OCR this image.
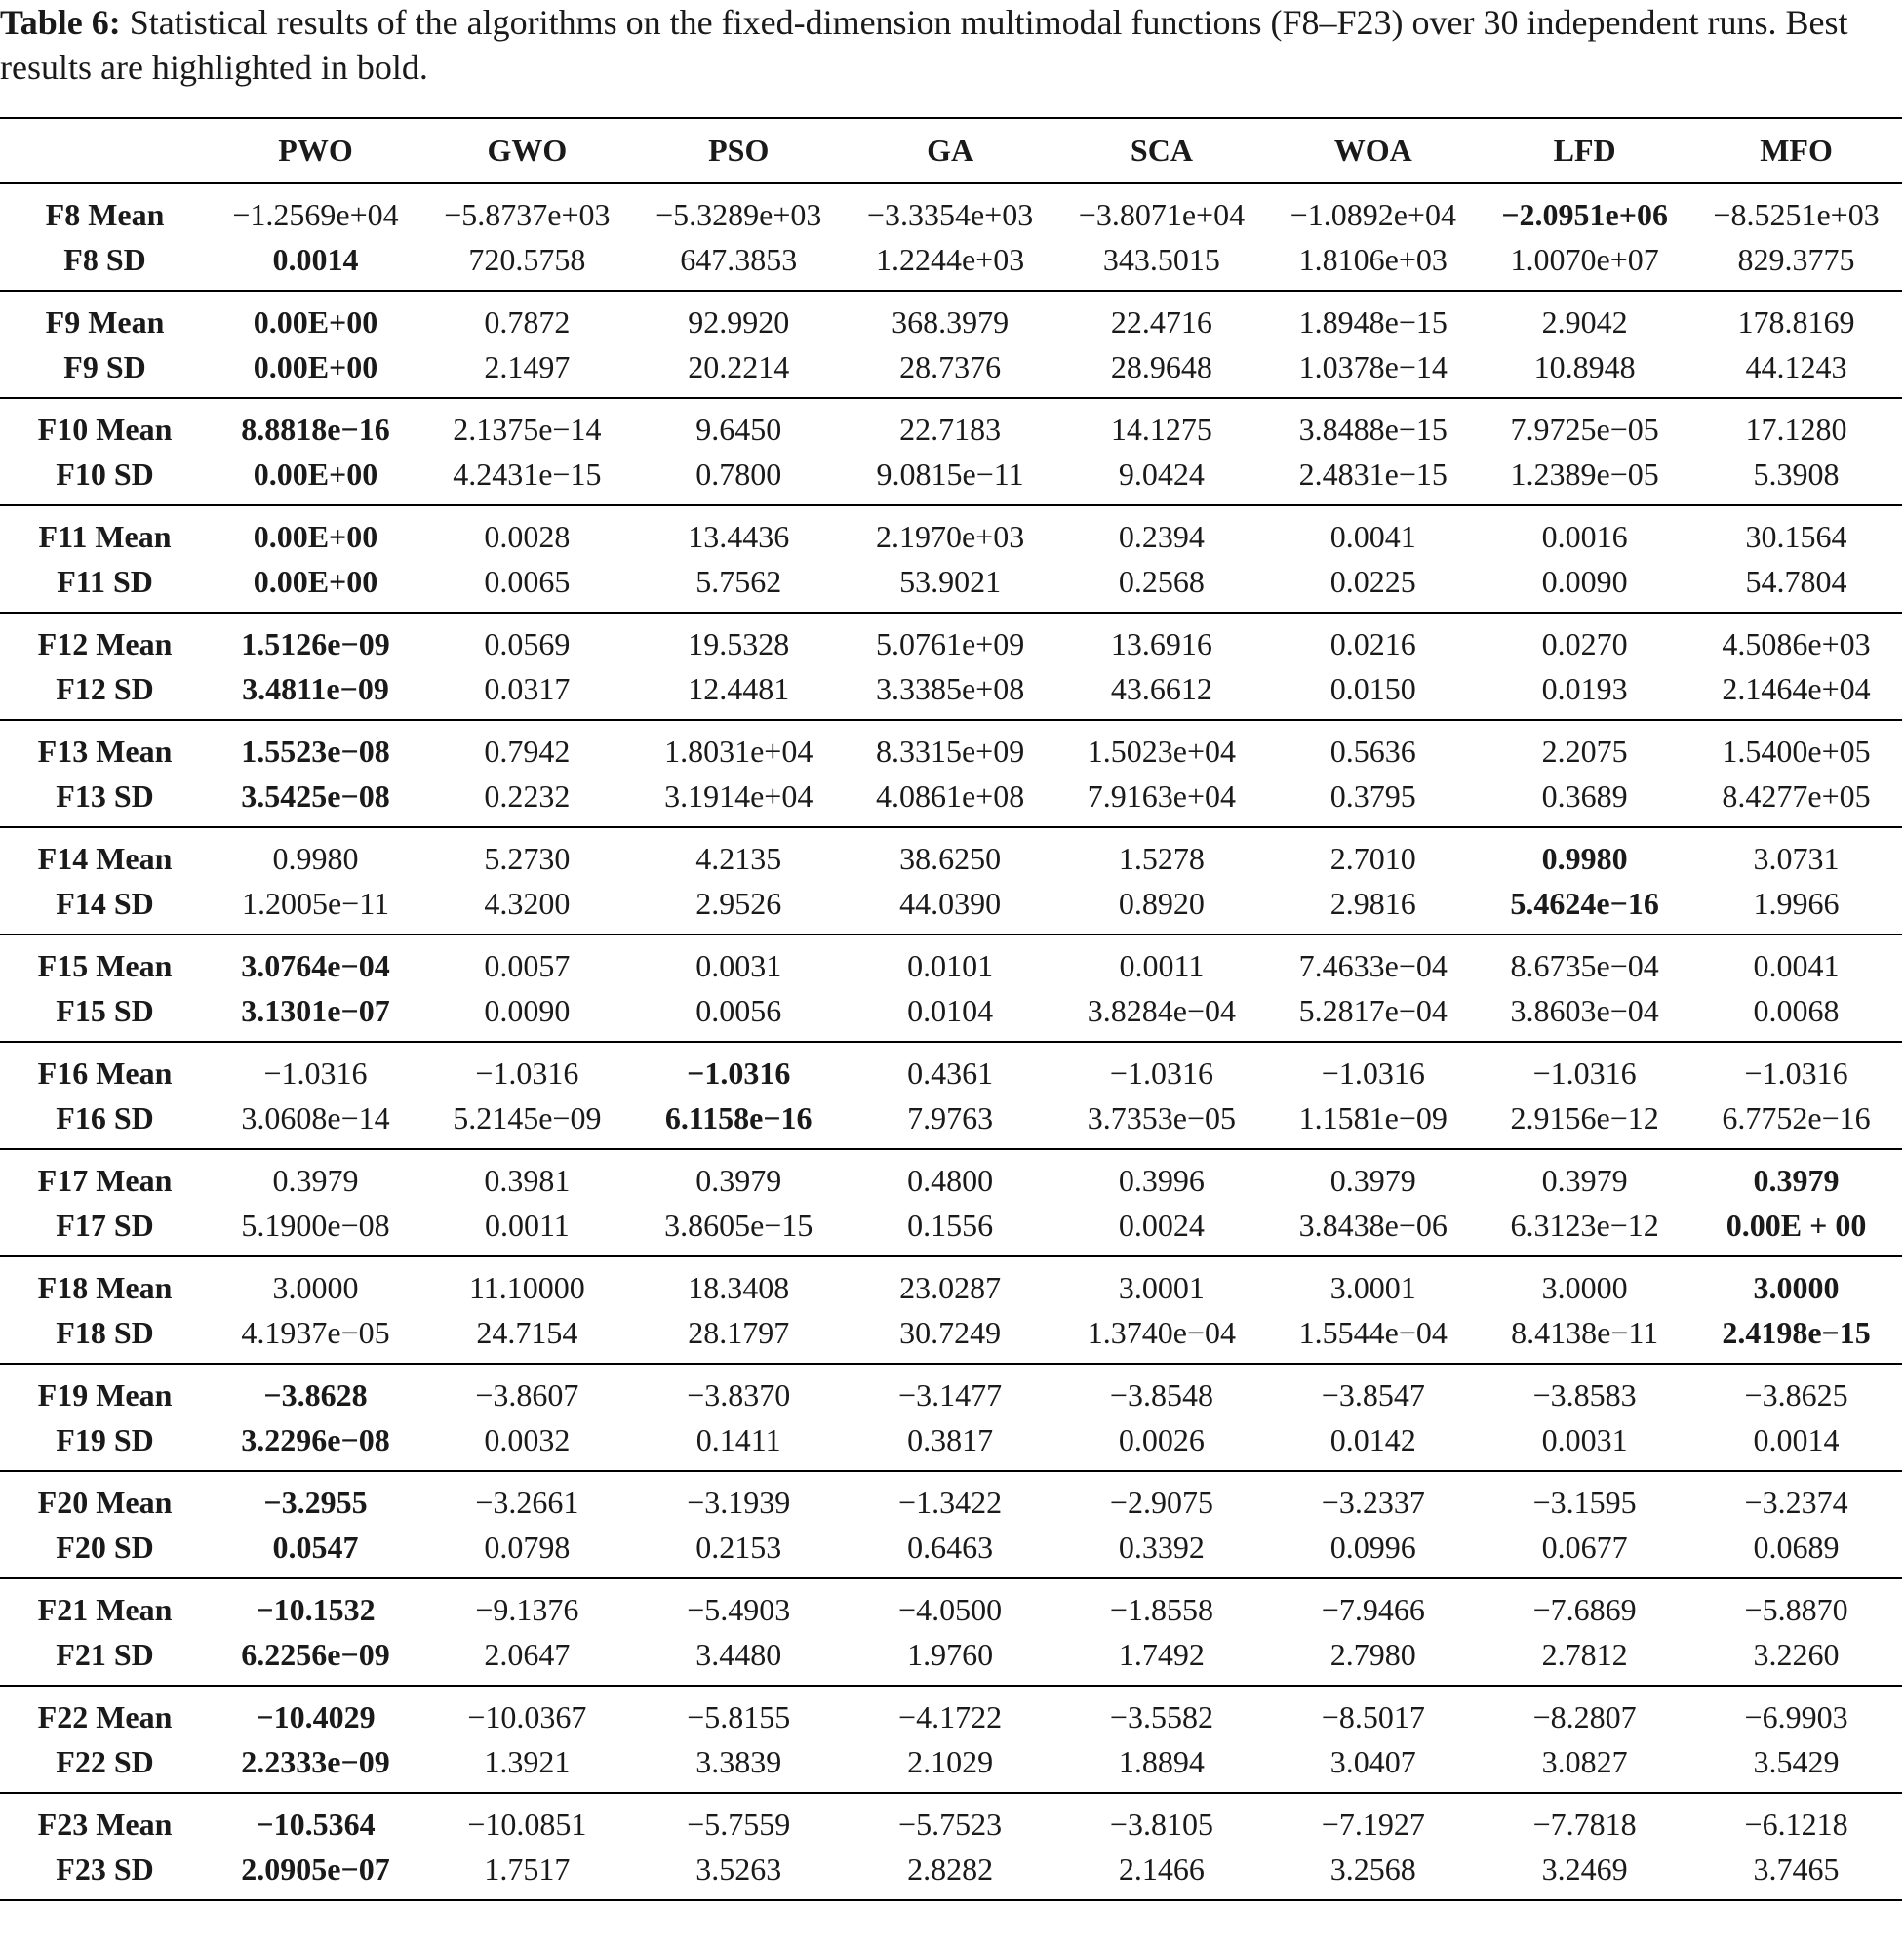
Table 6: Statistical results of the algorithms on the fixed-dimension multimodal functions (F8–F23) over 30 independent runs. Best results are highlighted in bold.

	PWO	GWO	PSO	GA	SCA	WOA	LFD	MFO
F8 Mean	−1.2569e+04	−5.8737e+03	−5.3289e+03	−3.3354e+03	−3.8071e+04	−1.0892e+04	−2.0951e+06	−8.5251e+03
F8 SD	0.0014	720.5758	647.3853	1.2244e+03	343.5015	1.8106e+03	1.0070e+07	829.3775
F9 Mean	0.00E+00	0.7872	92.9920	368.3979	22.4716	1.8948e−15	2.9042	178.8169
F9 SD	0.00E+00	2.1497	20.2214	28.7376	28.9648	1.0378e−14	10.8948	44.1243
F10 Mean	8.8818e−16	2.1375e−14	9.6450	22.7183	14.1275	3.8488e−15	7.9725e−05	17.1280
F10 SD	0.00E+00	4.2431e−15	0.7800	9.0815e−11	9.0424	2.4831e−15	1.2389e−05	5.3908
F11 Mean	0.00E+00	0.0028	13.4436	2.1970e+03	0.2394	0.0041	0.0016	30.1564
F11 SD	0.00E+00	0.0065	5.7562	53.9021	0.2568	0.0225	0.0090	54.7804
F12 Mean	1.5126e−09	0.0569	19.5328	5.0761e+09	13.6916	0.0216	0.0270	4.5086e+03
F12 SD	3.4811e−09	0.0317	12.4481	3.3385e+08	43.6612	0.0150	0.0193	2.1464e+04
F13 Mean	1.5523e−08	0.7942	1.8031e+04	8.3315e+09	1.5023e+04	0.5636	2.2075	1.5400e+05
F13 SD	3.5425e−08	0.2232	3.1914e+04	4.0861e+08	7.9163e+04	0.3795	0.3689	8.4277e+05
F14 Mean	0.9980	5.2730	4.2135	38.6250	1.5278	2.7010	0.9980	3.0731
F14 SD	1.2005e−11	4.3200	2.9526	44.0390	0.8920	2.9816	5.4624e−16	1.9966
F15 Mean	3.0764e−04	0.0057	0.0031	0.0101	0.0011	7.4633e−04	8.6735e−04	0.0041
F15 SD	3.1301e−07	0.0090	0.0056	0.0104	3.8284e−04	5.2817e−04	3.8603e−04	0.0068
F16 Mean	−1.0316	−1.0316	−1.0316	0.4361	−1.0316	−1.0316	−1.0316	−1.0316
F16 SD	3.0608e−14	5.2145e−09	6.1158e−16	7.9763	3.7353e−05	1.1581e−09	2.9156e−12	6.7752e−16
F17 Mean	0.3979	0.3981	0.3979	0.4800	0.3996	0.3979	0.3979	0.3979
F17 SD	5.1900e−08	0.0011	3.8605e−15	0.1556	0.0024	3.8438e−06	6.3123e−12	0.00E + 00
F18 Mean	3.0000	11.10000	18.3408	23.0287	3.0001	3.0001	3.0000	3.0000
F18 SD	4.1937e−05	24.7154	28.1797	30.7249	1.3740e−04	1.5544e−04	8.4138e−11	2.4198e−15
F19 Mean	−3.8628	−3.8607	−3.8370	−3.1477	−3.8548	−3.8547	−3.8583	−3.8625
F19 SD	3.2296e−08	0.0032	0.1411	0.3817	0.0026	0.0142	0.0031	0.0014
F20 Mean	−3.2955	−3.2661	−3.1939	−1.3422	−2.9075	−3.2337	−3.1595	−3.2374
F20 SD	0.0547	0.0798	0.2153	0.6463	0.3392	0.0996	0.0677	0.0689
F21 Mean	−10.1532	−9.1376	−5.4903	−4.0500	−1.8558	−7.9466	−7.6869	−5.8870
F21 SD	6.2256e−09	2.0647	3.4480	1.9760	1.7492	2.7980	2.7812	3.2260
F22 Mean	−10.4029	−10.0367	−5.8155	−4.1722	−3.5582	−8.5017	−8.2807	−6.9903
F22 SD	2.2333e−09	1.3921	3.3839	2.1029	1.8894	3.0407	3.0827	3.5429
F23 Mean	−10.5364	−10.0851	−5.7559	−5.7523	−3.8105	−7.1927	−7.7818	−6.1218
F23 SD	2.0905e−07	1.7517	3.5263	2.8282	2.1466	3.2568	3.2469	3.7465
